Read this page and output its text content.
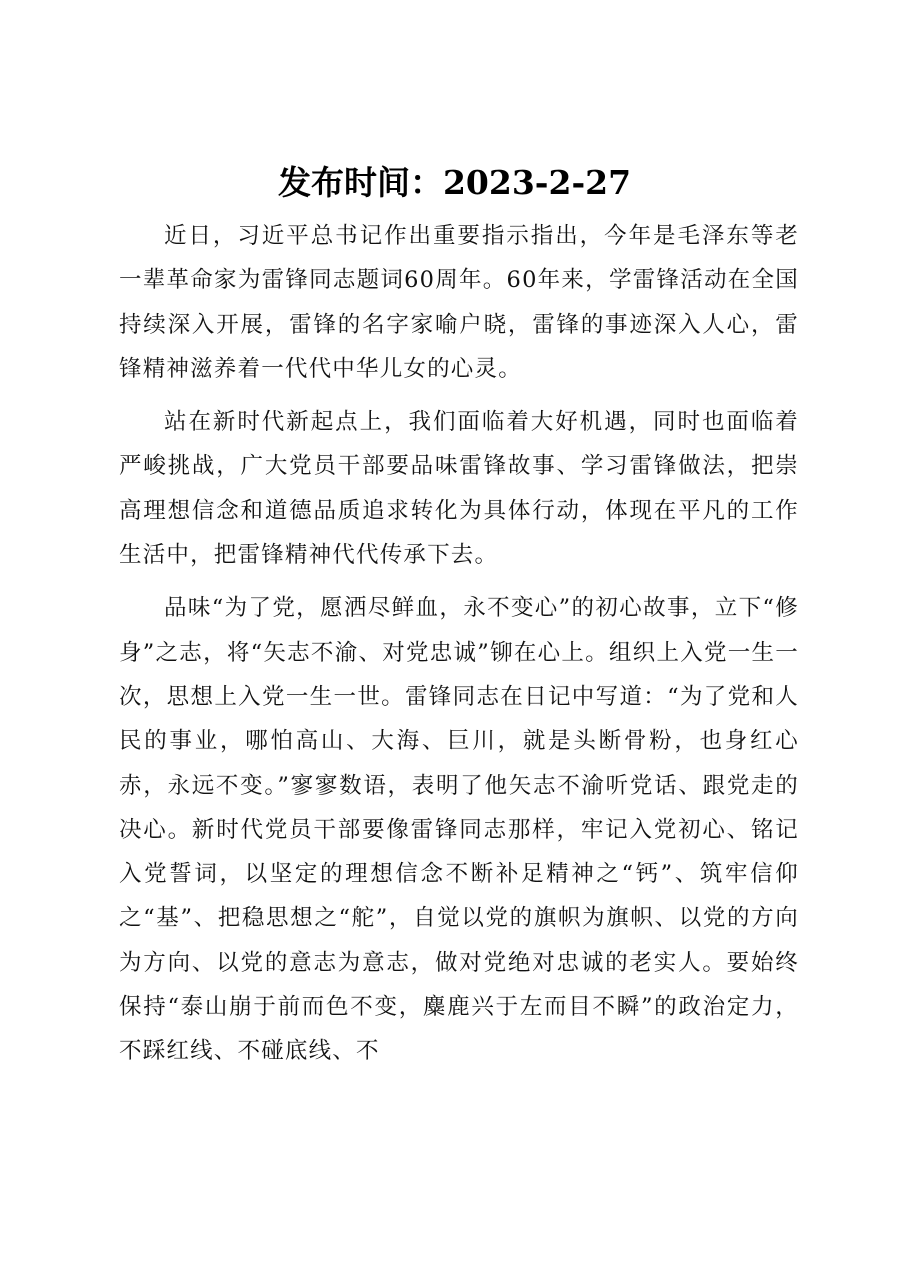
发布时间：2023-2-27

近日，习近平总书记作出重要指示指出，今年是毛泽东等老一辈革命家为雷锋同志题词60周年。60年来，学雷锋活动在全国持续深入开展，雷锋的名字家喻户晓，雷锋的事迹深入人心，雷锋精神滋养着一代代中华儿女的心灵。

站在新时代新起点上，我们面临着大好机遇，同时也面临着严峻挑战，广大党员干部要品味雷锋故事、学习雷锋做法，把崇高理想信念和道德品质追求转化为具体行动，体现在平凡的工作生活中，把雷锋精神代代传承下去。

品味“为了党，愿洒尽鲜血，永不变心”的初心故事，立下“修身”之志，将“矢志不渝、对党忠诚”铆在心上。组织上入党一生一次，思想上入党一生一世。雷锋同志在日记中写道：“为了党和人民的事业，哪怕高山、大海、巨川，就是头断骨粉，也身红心赤，永远不变。”寥寥数语，表明了他矢志不渝听党话、跟党走的决心。新时代党员干部要像雷锋同志那样，牢记入党初心、铭记入党誓词，以坚定的理想信念不断补足精神之“钙”、筑牢信仰之“基”、把稳思想之“舵”，自觉以党的旗帜为旗帜、以党的方向为方向、以党的意志为意志，做对党绝对忠诚的老实人。要始终保持“泰山崩于前而色不变，麋鹿兴于左而目不瞬”的政治定力，不踩红线、不碰底线、不
